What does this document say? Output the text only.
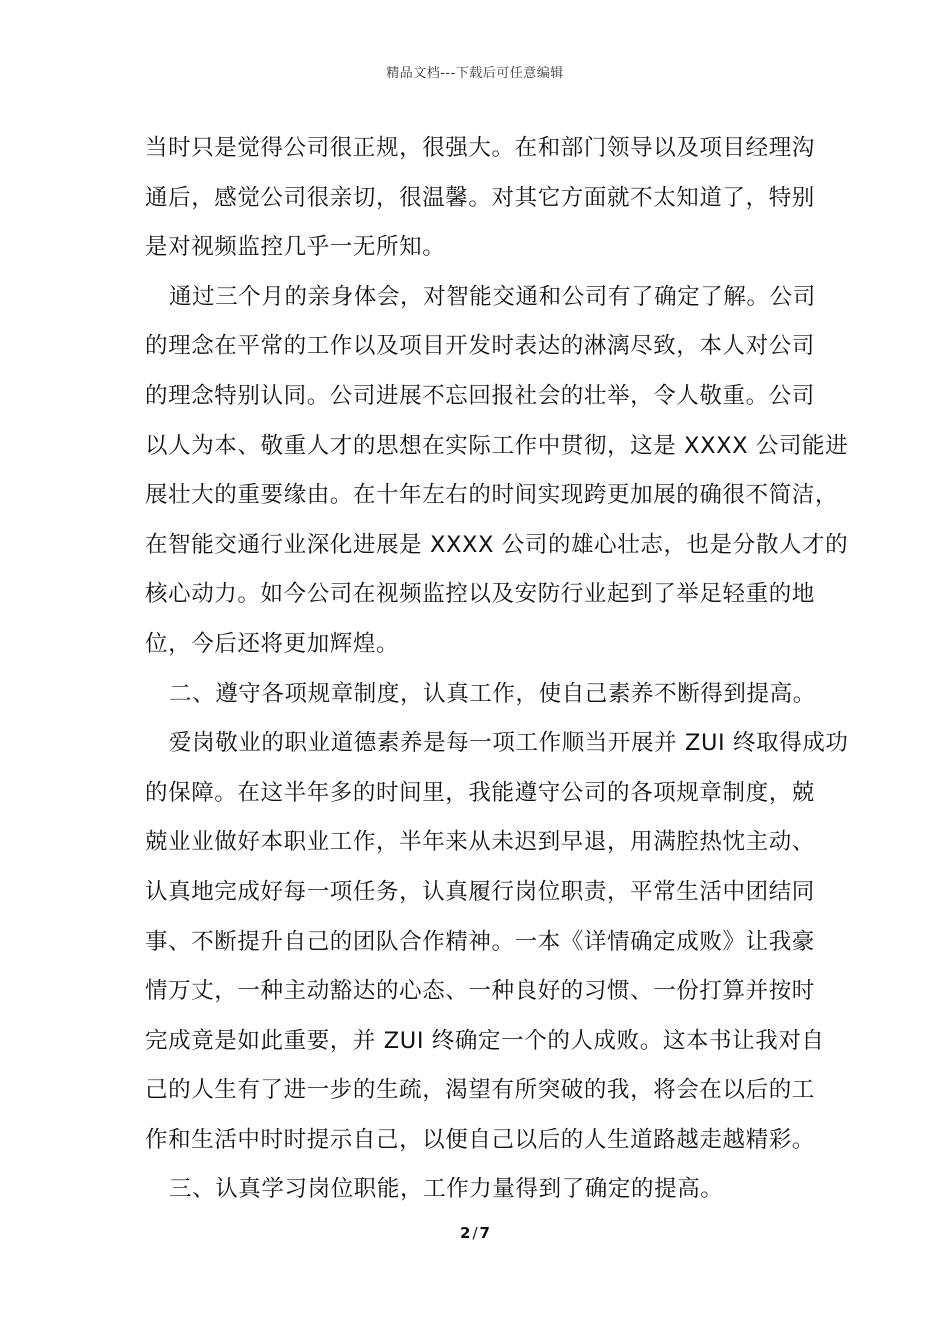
精品文档---下载后可任意编辑
当时只是觉得公司很正规，很强大。在和部门领导以及项目经理沟
通后，感觉公司很亲切，很温馨。对其它方面就不太知道了，特别
是对视频监控几乎一无所知。
通过三个月的亲身体会，对智能交通和公司有了确定了解。公司
的理念在平常的工作以及项目开发时表达的淋漓尽致，本人对公司
的理念特别认同。公司进展不忘回报社会的壮举，令人敬重。公司
以人为本、敬重人才的思想在实际工作中贯彻，这是 XXXX 公司能进
展壮大的重要缘由。在十年左右的时间实现跨更加展的确很不简洁，
在智能交通行业深化进展是 XXXX 公司的雄心壮志，也是分散人才的
核心动力。如今公司在视频监控以及安防行业起到了举足轻重的地
位，今后还将更加辉煌。
二、遵守各项规章制度，认真工作，使自己素养不断得到提高。
爱岗敬业的职业道德素养是每一项工作顺当开展并 ZUI 终取得成功
的保障。在这半年多的时间里，我能遵守公司的各项规章制度，兢
兢业业做好本职业工作，半年来从未迟到早退，用满腔热忱主动、
认真地完成好每一项任务，认真履行岗位职责，平常生活中团结同
事、不断提升自己的团队合作精神。一本《详情确定成败》让我豪
情万丈，一种主动豁达的心态、一种良好的习惯、一份打算并按时
完成竟是如此重要，并 ZUI 终确定一个的人成败。这本书让我对自
己的人生有了进一步的生疏，渴望有所突破的我，将会在以后的工
作和生活中时时提示自己，以便自己以后的人生道路越走越精彩。
三、认真学习岗位职能，工作力量得到了确定的提高。
2 / 7
